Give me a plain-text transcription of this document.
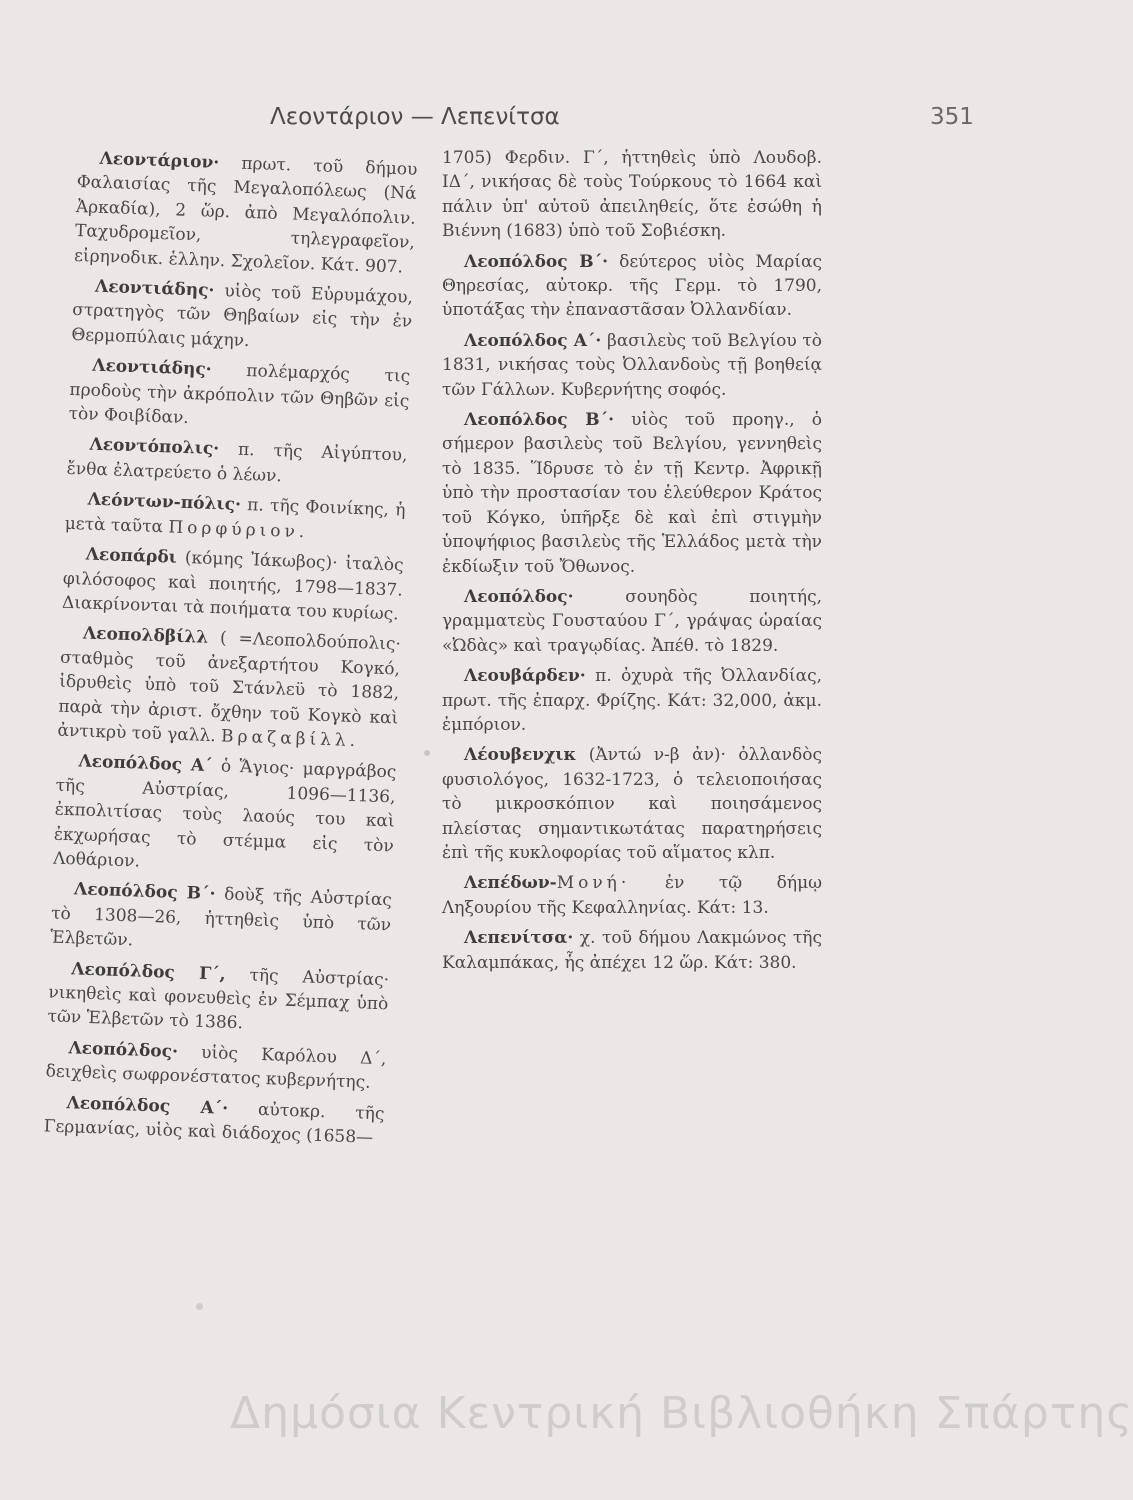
Λεοντάριον — Λεπενίτσα	351

Λεοντάριον· πρωτ. τοῦ δήμου Φαλαισίας τῆς Μεγαλοπόλεως (Νά Ἀρκαδία), 2 ὥρ. ἀπὸ Μεγαλόπολιν. Ταχυδρομεῖον, τηλεγραφεῖον, εἰρηνοδικ. ἑλλην. Σχολεῖον. Κάτ. 907.

Λεοντιάδης· υἱὸς τοῦ Εὐρυμάχου, στρατηγὸς τῶν Θηβαίων εἰς τὴν ἐν Θερμοπύλαις μάχην.

Λεοντιάδης· πολέμαρχός τις προδοὺς τὴν ἀκρόπολιν τῶν Θηβῶν εἰς τὸν Φοιβίδαν.

Λεοντόπολις· π. τῆς Αἰγύπτου, ἔνθα ἐλατρεύετο ὁ λέων.

Λεόντων-πόλις· π. τῆς Φοινίκης, ἡ μετὰ ταῦτα Πορφύριον.

Λεοπάρδι (κόμης Ἰάκωβος)· ἰταλὸς φιλόσοφος καὶ ποιητής, 1798—1837. Διακρίνονται τὰ ποιήματα του κυρίως.

Λεοπολδβίλλ ( =Λεοπολδούπολις· σταθμὸς τοῦ ἀνεξαρτήτου Κογκό, ἱδρυθεὶς ὑπὸ τοῦ Στάνλεϋ τὸ 1882, παρὰ τὴν ἀριστ. ὄχθην τοῦ Κογκὸ καὶ ἀντικρὺ τοῦ γαλλ. Βραζαβίλλ.

Λεοπόλδος Α΄ ὁ Ἅγιος· μαργράβος τῆς Αὐστρίας, 1096—1136, ἐκπολιτίσας τοὺς λαούς του καὶ ἐκχωρήσας τὸ στέμμα εἰς τὸν Λοθάριον.

Λεοπόλδος Β΄· δοὺξ τῆς Αὐστρίας τὸ 1308—26, ἡττηθεὶς ὑπὸ τῶν Ἑλβετῶν.

Λεοπόλδος Γ΄, τῆς Αὐστρίας· νικηθεὶς καὶ φονευθεὶς ἐν Σέμπαχ ὑπὸ τῶν Ἑλβετῶν τὸ 1386.

Λεοπόλδος· υἱὸς Καρόλου Δ΄, δειχθεὶς σωφρονέστατος κυβερνήτης.

Λεοπόλδος Α΄· αὐτοκρ. τῆς Γερμανίας, υἱὸς καὶ διάδοχος (1658—

1705) Φερδιν. Γ΄, ἡττηθεὶς ὑπὸ Λουδοβ. ΙΔ΄, νικήσας δὲ τοὺς Τούρκους τὸ 1664 καὶ πάλιν ὑπ' αὐτοῦ ἀπειληθείς, ὅτε ἐσώθη ἡ Βιέννη (1683) ὑπὸ τοῦ Σοβιέσκη.

Λεοπόλδος Β΄· δεύτερος υἱὸς Μαρίας Θηρεσίας, αὐτοκρ. τῆς Γερμ. τὸ 1790, ὑποτάξας τὴν ἐπαναστᾶσαν Ὀλλανδίαν.

Λεοπόλδος Α΄· βασιλεὺς τοῦ Βελγίου τὸ 1831, νικήσας τοὺς Ὀλλανδοὺς τῇ βοηθείᾳ τῶν Γάλλων. Κυβερνήτης σοφός.

Λεοπόλδος Β΄· υἱὸς τοῦ προηγ., ὁ σήμερον βασιλεὺς τοῦ Βελγίου, γεννηθεὶς τὸ 1835. Ἵδρυσε τὸ ἐν τῇ Κεντρ. Ἀφρικῇ ὑπὸ τὴν προστασίαν του ἐλεύθερον Κράτος τοῦ Κόγκο, ὑπῆρξε δὲ καὶ ἐπὶ στιγμὴν ὑποψήφιος βασιλεὺς τῆς Ἑλλάδος μετὰ τὴν ἐκδίωξιν τοῦ Ὄθωνος.

Λεοπόλδος·	σουηδὸς ποιητής, γραμματεὺς Γουσταύου Γ΄, γράψας ὡραίας «Ὠδὰς» καὶ τραγῳδίας. Ἀπέθ. τὸ 1829.

Λεουβάρδεν· π. ὀχυρὰ τῆς Ὀλλανδίας, πρωτ. τῆς ἐπαρχ. Φρίζης. Κάτ: 32,000, ἀκμ. ἐμπόριον.

Λέουβενχικ (Ἀντώ ν-β ἀν)· ὀλλανδὸς φυσιολόγος, 1632-1723, ὁ τελειοποιήσας τὸ μικροσκόπιον καὶ ποιησάμενος πλείστας σημαντικωτάτας παρατηρήσεις ἐπὶ τῆς κυκλοφορίας τοῦ αἵματος κλπ.

Λεπέδων-Μονή· ἐν τῷ δήμῳ Ληξουρίου τῆς Κεφαλληνίας. Κάτ: 13.

Λεπενίτσα· χ. τοῦ δήμου Λακμώνος τῆς Καλαμπάκας, ἧς ἀπέχει 12 ὥρ. Κάτ: 380.

Δημόσια Κεντρική Βιβλιοθήκη Σπάρτης
